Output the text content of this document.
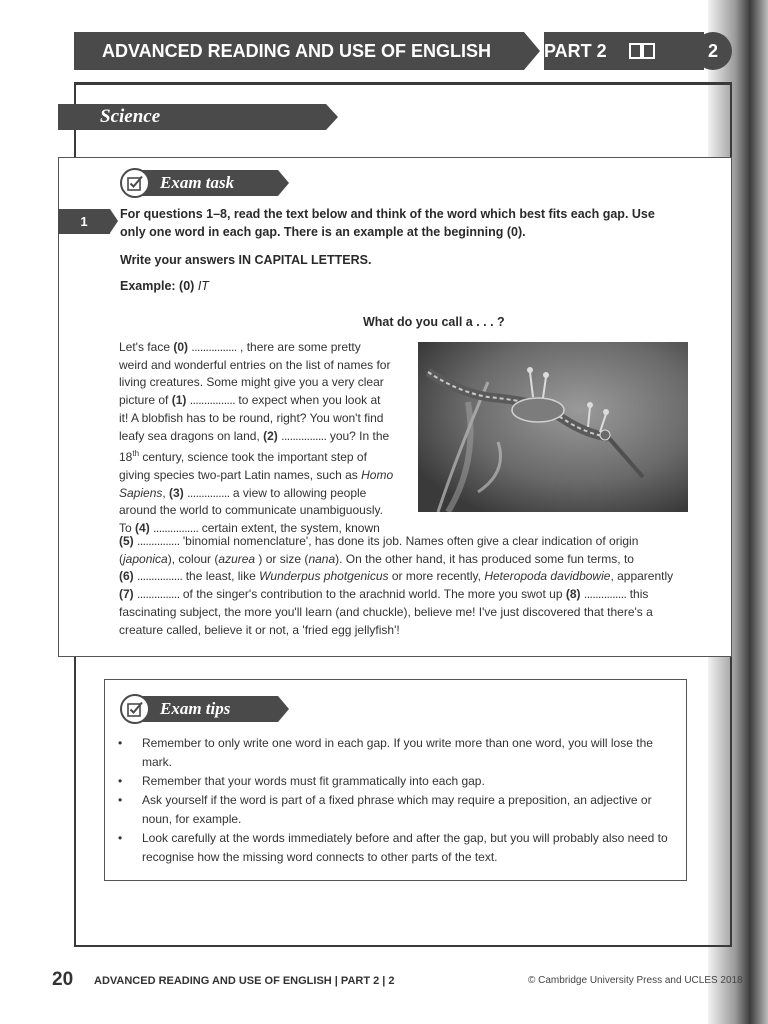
ADVANCED READING AND USE OF ENGLISH	PART 2	2
Science
Exam task
1	For questions 1–8, read the text below and think of the word which best fits each gap. Use only one word in each gap. There is an example at the beginning (0).
Write your answers IN CAPITAL LETTERS.
Example: (0) IT
What do you call a . . . ?
Let's face (0) ................ , there are some pretty
weird and wonderful entries on the list of names for
living creatures. Some might give you a very clear
picture of (1) ................ to expect when you look at
it! A blobfish has to be round, right? You won't find
leafy sea dragons on land, (2) ................ you? In the
18th century, science took the important step of
giving species two-part Latin names, such as Homo
Sapiens, (3) ............... a view to allowing people
around the world to communicate unambiguously.
To (4) ................ certain extent, the system, known
(5) ............... 'binomial nomenclature', has done its job. Names often give a clear indication of origin
(japonica), colour (azurea ) or size (nana). On the other hand, it has produced some fun terms, to
(6) ................ the least, like Wunderpus photgenicus or more recently, Heteropoda davidbowie, apparently
(7) ............... of the singer's contribution to the arachnid world. The more you swot up (8) ............... this
fascinating subject, the more you'll learn (and chuckle), believe me! I've just discovered that there's a
creature called, believe it or not, a 'fried egg jellyfish'!
Exam tips
• Remember to only write one word in each gap. If you write more than one word, you will lose the mark.
• Remember that your words must fit grammatically into each gap.
• Ask yourself if the word is part of a fixed phrase which may require a preposition, an adjective or noun, for example.
• Look carefully at the words immediately before and after the gap, but you will probably also need to recognise how the missing word connects to other parts of the text.
20 ADVANCED READING AND USE OF ENGLISH | PART 2 | 2	© Cambridge University Press and UCLES 2018
